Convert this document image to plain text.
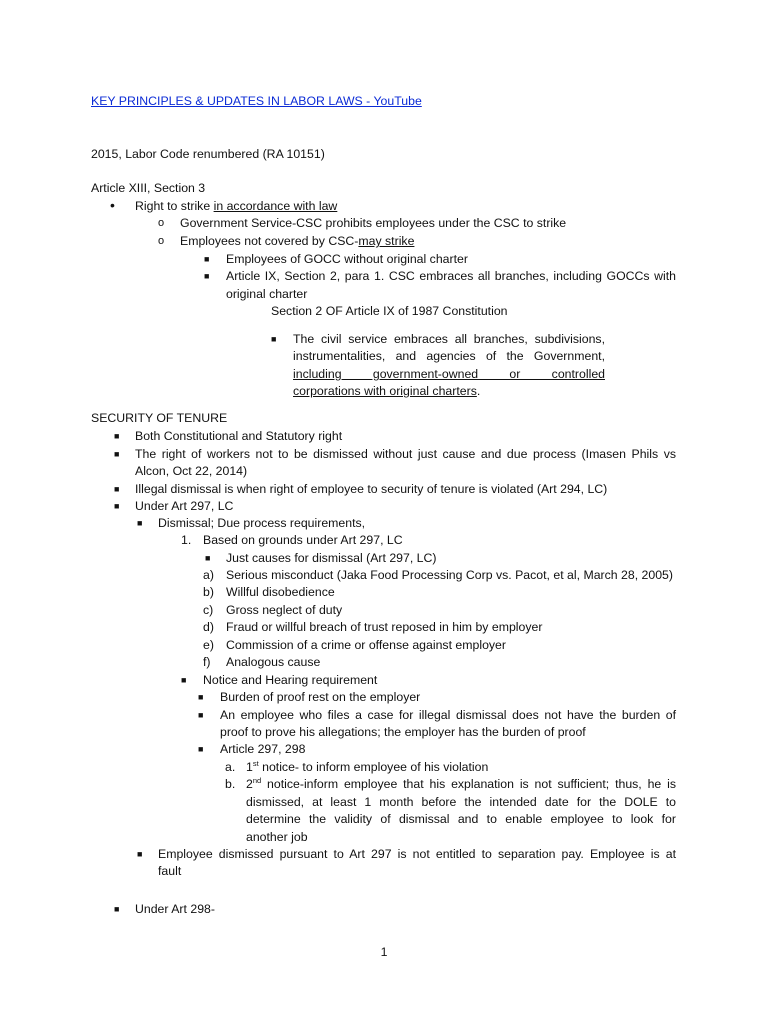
KEY PRINCIPLES & UPDATES IN LABOR LAWS - YouTube
2015, Labor Code renumbered (RA 10151)
Article XIII, Section 3
• Right to strike in accordance with law
o Government Service-CSC prohibits employees under the CSC to strike
o Employees not covered by CSC-may strike
■ Employees of GOCC without original charter
■ Article IX, Section 2, para 1. CSC embraces all branches, including GOCCs with
original charter
Section 2 OF Article IX of 1987 Constitution
■ The civil service embraces all branches, subdivisions,
instrumentalities, and agencies of the Government,
including government-owned or controlled
corporations with original charters.
SECURITY OF TENURE
■ Both Constitutional and Statutory right
■ The right of workers not to be dismissed without just cause and due process (Imasen Phils vs
Alcon, Oct 22, 2014)
■ Illegal dismissal is when right of employee to security of tenure is violated (Art 294, LC)
■ Under Art 297, LC
■ Dismissal; Due process requirements,
1. Based on grounds under Art 297, LC
■ Just causes for dismissal (Art 297, LC)
a) Serious misconduct (Jaka Food Processing Corp vs. Pacot, et al, March 28, 2005)
b) Willful disobedience
c) Gross neglect of duty
d) Fraud or willful breach of trust reposed in him by employer
e) Commission of a crime or offense against employer
f) Analogous cause
■ Notice and Hearing requirement
■ Burden of proof rest on the employer
■ An employee who files a case for illegal dismissal does not have the burden of
proof to prove his allegations; the employer has the burden of proof
■ Article 297, 298
a. 1st notice- to inform employee of his violation
b. 2nd notice-inform employee that his explanation is not sufficient; thus, he is
dismissed, at least 1 month before the intended date for the DOLE to
determine the validity of dismissal and to enable employee to look for
another job
■ Employee dismissed pursuant to Art 297 is not entitled to separation pay. Employee is at
fault
■ Under Art 298-
1
